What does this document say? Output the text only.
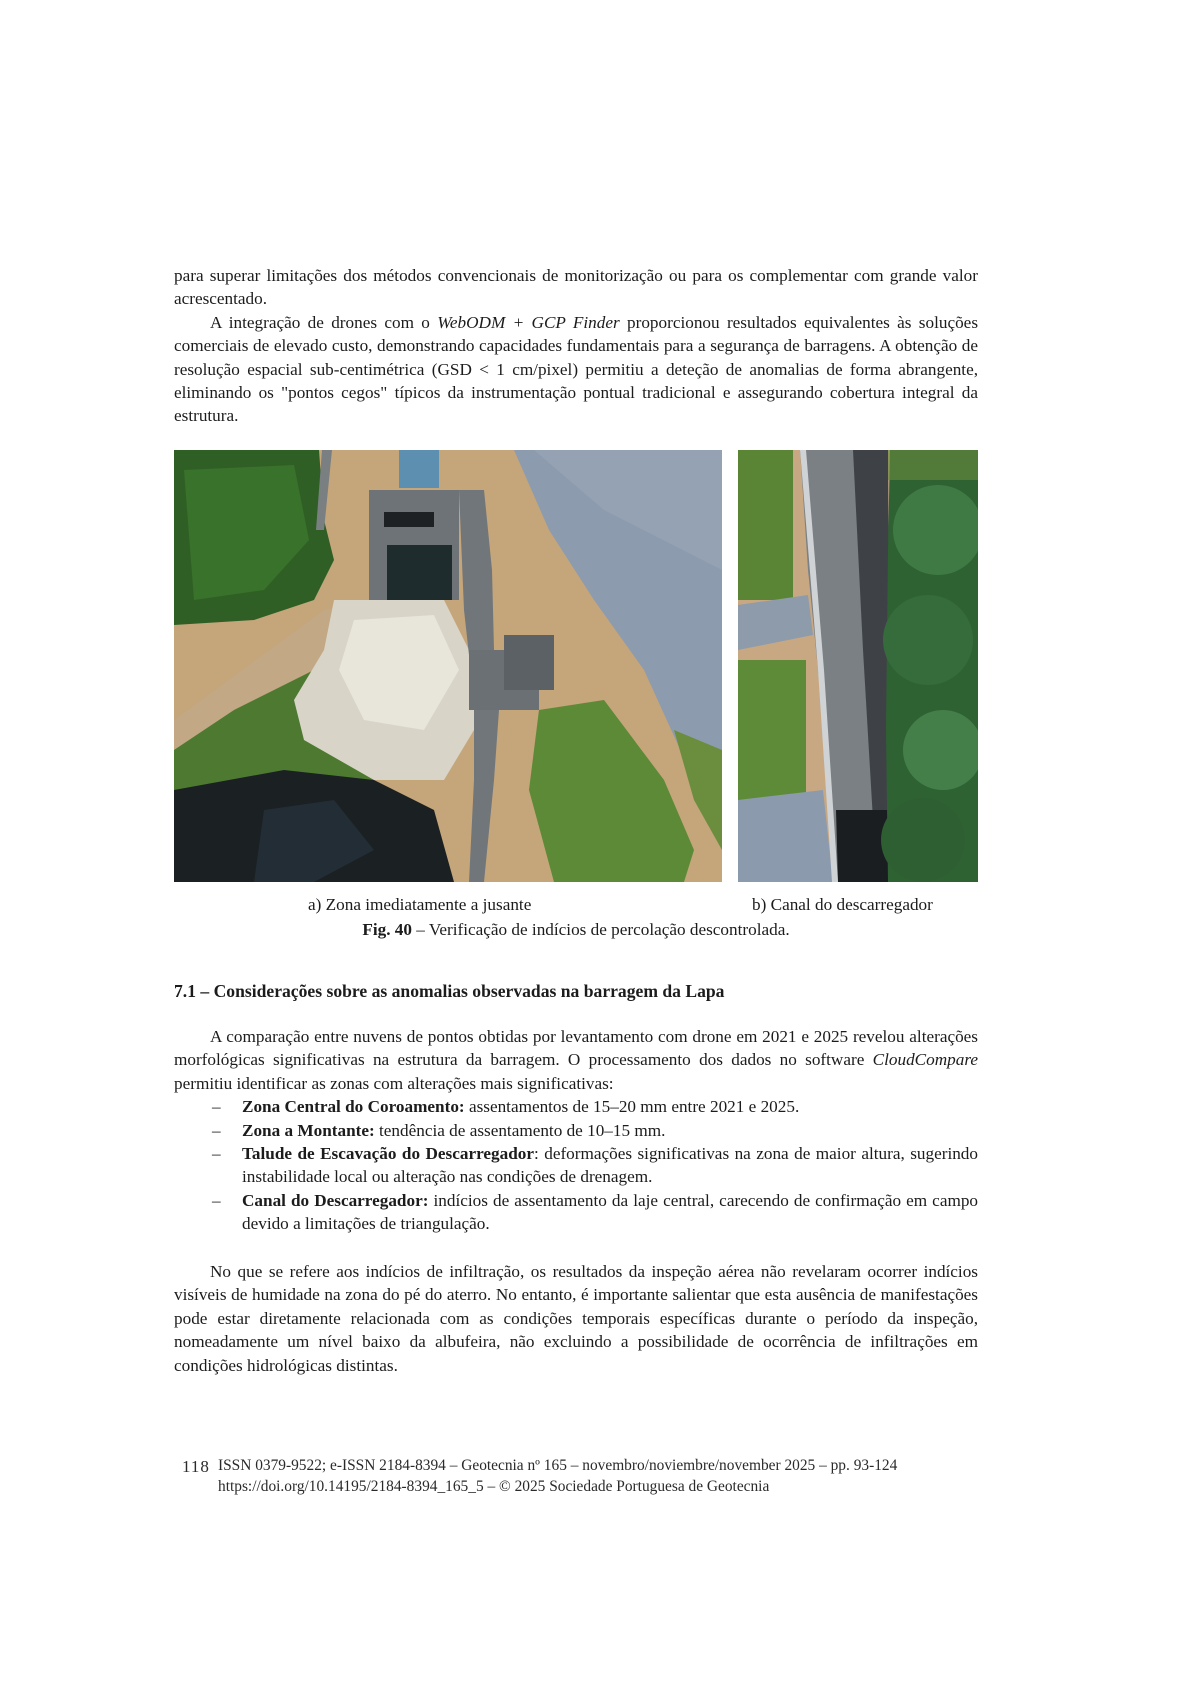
para superar limitações dos métodos convencionais de monitorização ou para os complementar com grande valor acrescentado.

A integração de drones com o WebODM + GCP Finder proporcionou resultados equivalentes às soluções comerciais de elevado custo, demonstrando capacidades fundamentais para a segurança de barragens. A obtenção de resolução espacial sub-centimétrica (GSD < 1 cm/pixel) permitiu a deteção de anomalias de forma abrangente, eliminando os "pontos cegos" típicos da instrumentação pontual tradicional e assegurando cobertura integral da estrutura.

a) Zona imediatamente a jusante	b) Canal do descarregador
Fig. 40 – Verificação de indícios de percolação descontrolada.
7.1 – Considerações sobre as anomalias observadas na barragem da Lapa

A comparação entre nuvens de pontos obtidas por levantamento com drone em 2021 e 2025 revelou alterações morfológicas significativas na estrutura da barragem. O processamento dos dados no software CloudCompare permitiu identificar as zonas com alterações mais significativas:

– Zona Central do Coroamento: assentamentos de 15–20 mm entre 2021 e 2025.
– Zona a Montante: tendência de assentamento de 10–15 mm.
– Talude de Escavação do Descarregador: deformações significativas na zona de maior altura, sugerindo instabilidade local ou alteração nas condições de drenagem.
– Canal do Descarregador: indícios de assentamento da laje central, carecendo de confirmação em campo devido a limitações de triangulação.

No que se refere aos indícios de infiltração, os resultados da inspeção aérea não revelaram ocorrer indícios visíveis de humidade na zona do pé do aterro. No entanto, é importante salientar que esta ausência de manifestações pode estar diretamente relacionada com as condições temporais específicas durante o período da inspeção, nomeadamente um nível baixo da albufeira, não excluindo a possibilidade de ocorrência de infiltrações em condições hidrológicas distintas.

118 ISSN 0379-9522; e-ISSN 2184-8394 – Geotecnia nº 165 – novembro/noviembre/november 2025 – pp. 93-124
https://doi.org/10.14195/2184-8394_165_5 – © 2025 Sociedade Portuguesa de Geotecnia
